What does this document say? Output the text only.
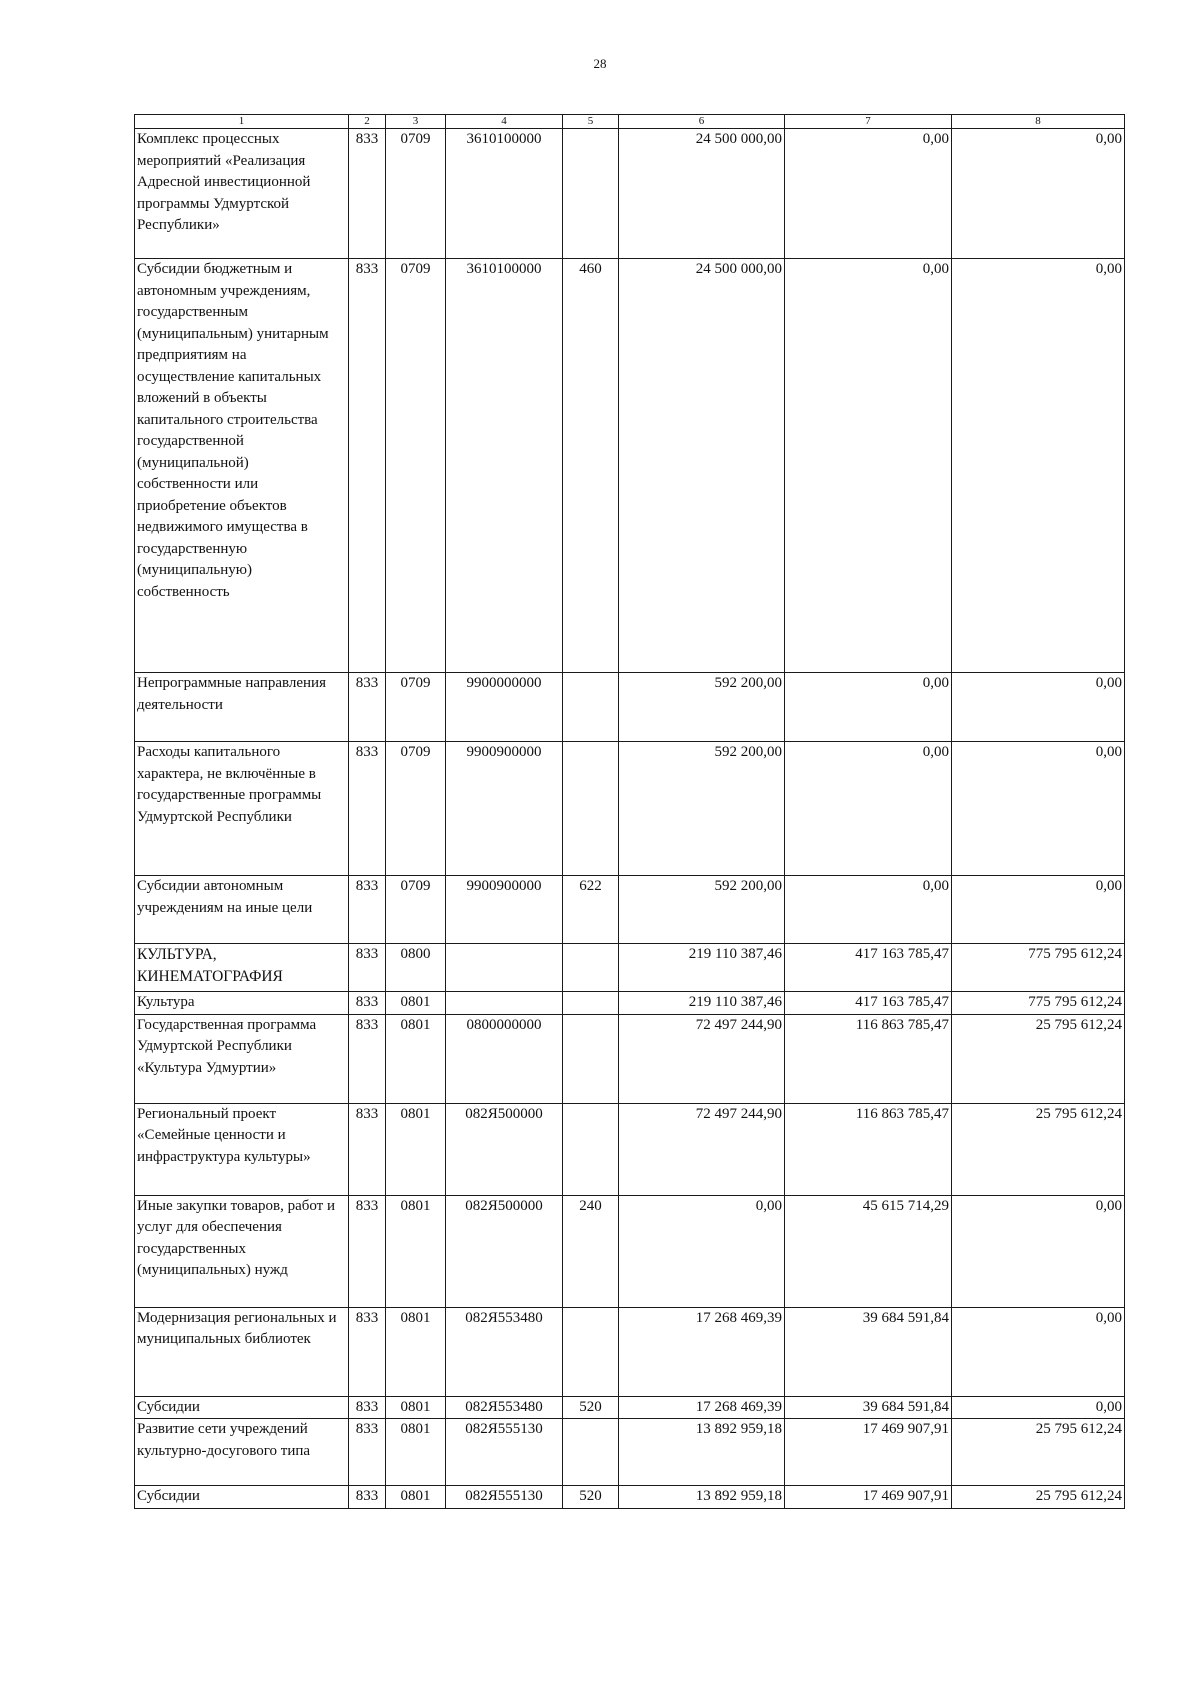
28
1	2	3	4	5	6	7	8
Комплекс процессных мероприятий «Реализация Адресной инвестиционной программы Удмуртской Республики»	833	0709	3610100000		24 500 000,00	0,00	0,00
Субсидии бюджетным и автономным учреждениям, государственным (муниципальным) унитарным предприятиям на осуществление капитальных вложений в объекты капитального строительства государственной (муниципальной) собственности или приобретение объектов недвижимого имущества в государственную (муниципальную) собственность	833	0709	3610100000	460	24 500 000,00	0,00	0,00
Непрограммные направления деятельности	833	0709	9900000000		592 200,00	0,00	0,00
Расходы капитального характера, не включённые в государственные программы Удмуртской Республики	833	0709	9900900000		592 200,00	0,00	0,00
Субсидии автономным учреждениям на иные цели	833	0709	9900900000	622	592 200,00	0,00	0,00
КУЛЬТУРА, КИНЕМАТОГРАФИЯ	833	0800			219 110 387,46	417 163 785,47	775 795 612,24
Культура	833	0801			219 110 387,46	417 163 785,47	775 795 612,24
Государственная программа Удмуртской Республики «Культура Удмуртии»	833	0801	0800000000		72 497 244,90	116 863 785,47	25 795 612,24
Региональный проект «Семейные ценности и инфраструктура культуры»	833	0801	082Я500000		72 497 244,90	116 863 785,47	25 795 612,24
Иные закупки товаров, работ и услуг для обеспечения государственных (муниципальных) нужд	833	0801	082Я500000	240	0,00	45 615 714,29	0,00
Модернизация региональных и муниципальных библиотек	833	0801	082Я553480		17 268 469,39	39 684 591,84	0,00
Субсидии	833	0801	082Я553480	520	17 268 469,39	39 684 591,84	0,00
Развитие сети учреждений культурно-досугового типа	833	0801	082Я555130		13 892 959,18	17 469 907,91	25 795 612,24
Субсидии	833	0801	082Я555130	520	13 892 959,18	17 469 907,91	25 795 612,24
